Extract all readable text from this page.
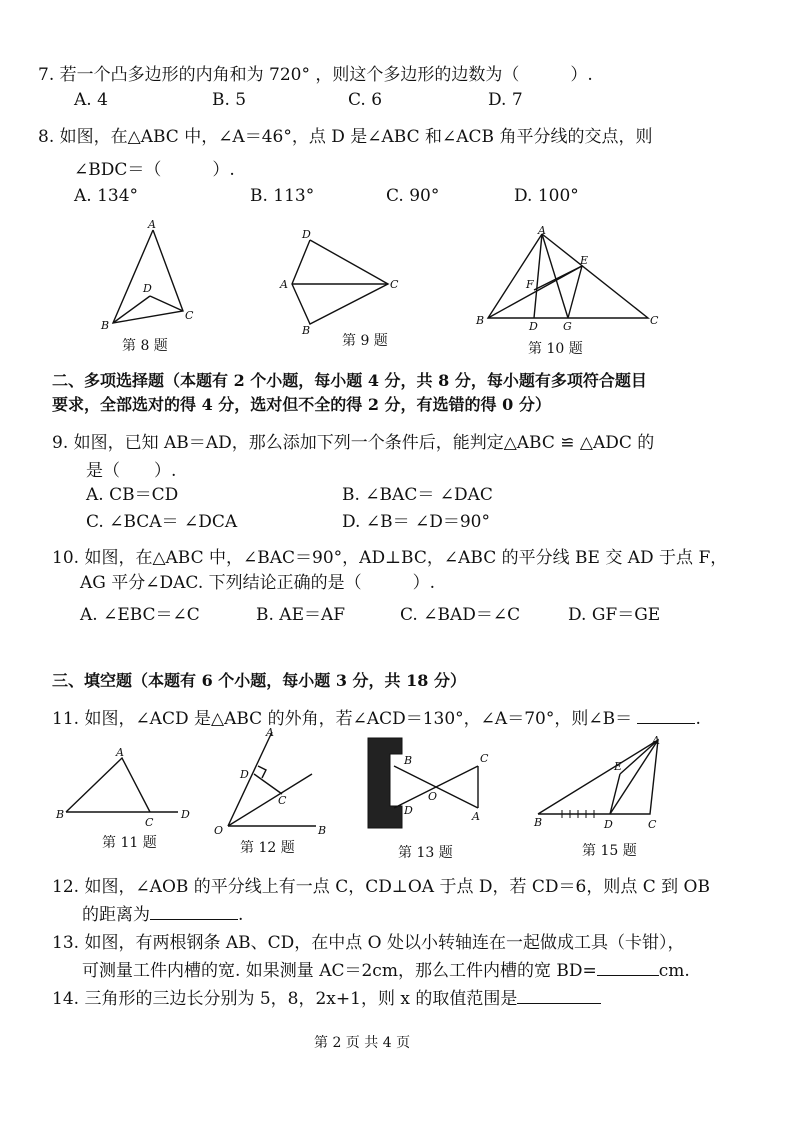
7. 若一个凸多边形的内角和为 720° ，则这个多边形的边数为（　　　）.
A. 4	B. 5	C. 6	D. 7
8. 如图，在△ABC 中，∠A＝46°，点 D 是∠ABC 和∠ACB 角平分线的交点，则
∠BDC＝（　　　）.
A. 134°	B. 113°	C. 90°	D. 100°
A
D
B
C
第 8 题
D
A	C
B
第 9 题
A
E
F
B	D G	C
第 10 题
二、多项选择题（本题有 2 个小题，每小题 4 分，共 8 分，每小题有多项符合题目
要求，全部选对的得 4 分，选对但不全的得 2 分，有选错的得 0 分）
9. 如图，已知 AB＝AD，那么添加下列一个条件后，能判定△ABC ≌ △ADC 的
是（　　）.
A. CB＝CD	B. ∠BAC＝ ∠DAC
C. ∠BCA＝ ∠DCA	D. ∠B＝ ∠D＝90°
10. 如图，在△ABC 中，∠BAC＝90°，AD⊥BC，∠ABC 的平分线 BE 交 AD 于点 F，
AG 平分∠DAC. 下列结论正确的是（　　　）.
A. ∠EBC＝∠C	B. AE＝AF	C. ∠BAD＝∠C	D. GF＝GE
三、填空题（本题有 6 个小题，每小题 3 分，共 18 分）
11. 如图，∠ACD 是△ABC 的外角，若∠ACD＝130°，∠A＝70°，则∠B＝	.
A
B
C
D
第 11 题
A
D
C
O	B
第 12 题
B	C
O
D	A
第 13 题
A
E
B	D	C
第 15 题
12. 如图，∠AOB 的平分线上有一点 C，CD⊥OA 于点 D，若 CD＝6，则点 C 到 OB
的距离为	.
13. 如图，有两根钢条 AB、CD，在中点 O 处以小转轴连在一起做成工具（卡钳），
可测量工件内槽的宽. 如果测量 AC＝2cm，那么工件内槽的宽 BD=	cm.
14. 三角形的三边长分别为 5，8，2x+1，则 x 的取值范围是
第 2 页 共 4 页
